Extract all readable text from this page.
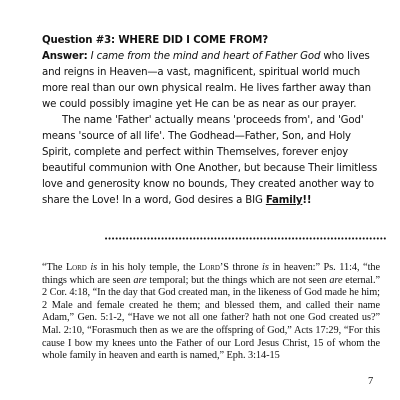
Question #3: WHERE DID I COME FROM?

Answer: I came from the mind and heart of Father God who lives and reigns in Heaven—a vast, magnificent, spiritual world much more real than our own physical realm. He lives farther away than we could possibly imagine yet He can be as near as our prayer.

The name 'Father' actually means 'proceeds from', and 'God' means 'source of all life'. The Godhead—Father, Son, and Holy Spirit, complete and perfect within Themselves, forever enjoy beautiful communion with One Another, but because Their limitless love and generosity know no bounds, They created another way to share the Love! In a word, God desires a BIG Family!!

••••••••••••••••••••••••••••••••••••••••••••••••••••••••••••••••••••••••••••••••

“The Lord is in his holy temple, the Lord’S throne is in heaven:” Ps. 11:4, “the things which are seen are temporal; but the things which are not seen are eternal.” 2 Cor. 4:18, “In the day that God created man, in the likeness of God made he him; 2 Male and female created he them; and blessed them, and called their name Adam,” Gen. 5:1-2, “Have we not all one father? hath not one God created us?” Mal. 2:10, “Forasmuch then as we are the offspring of God,” Acts 17:29, “For this cause I bow my knees unto the Father of our Lord Jesus Christ, 15 of whom the whole family in heaven and earth is named,” Eph. 3:14-15

7
